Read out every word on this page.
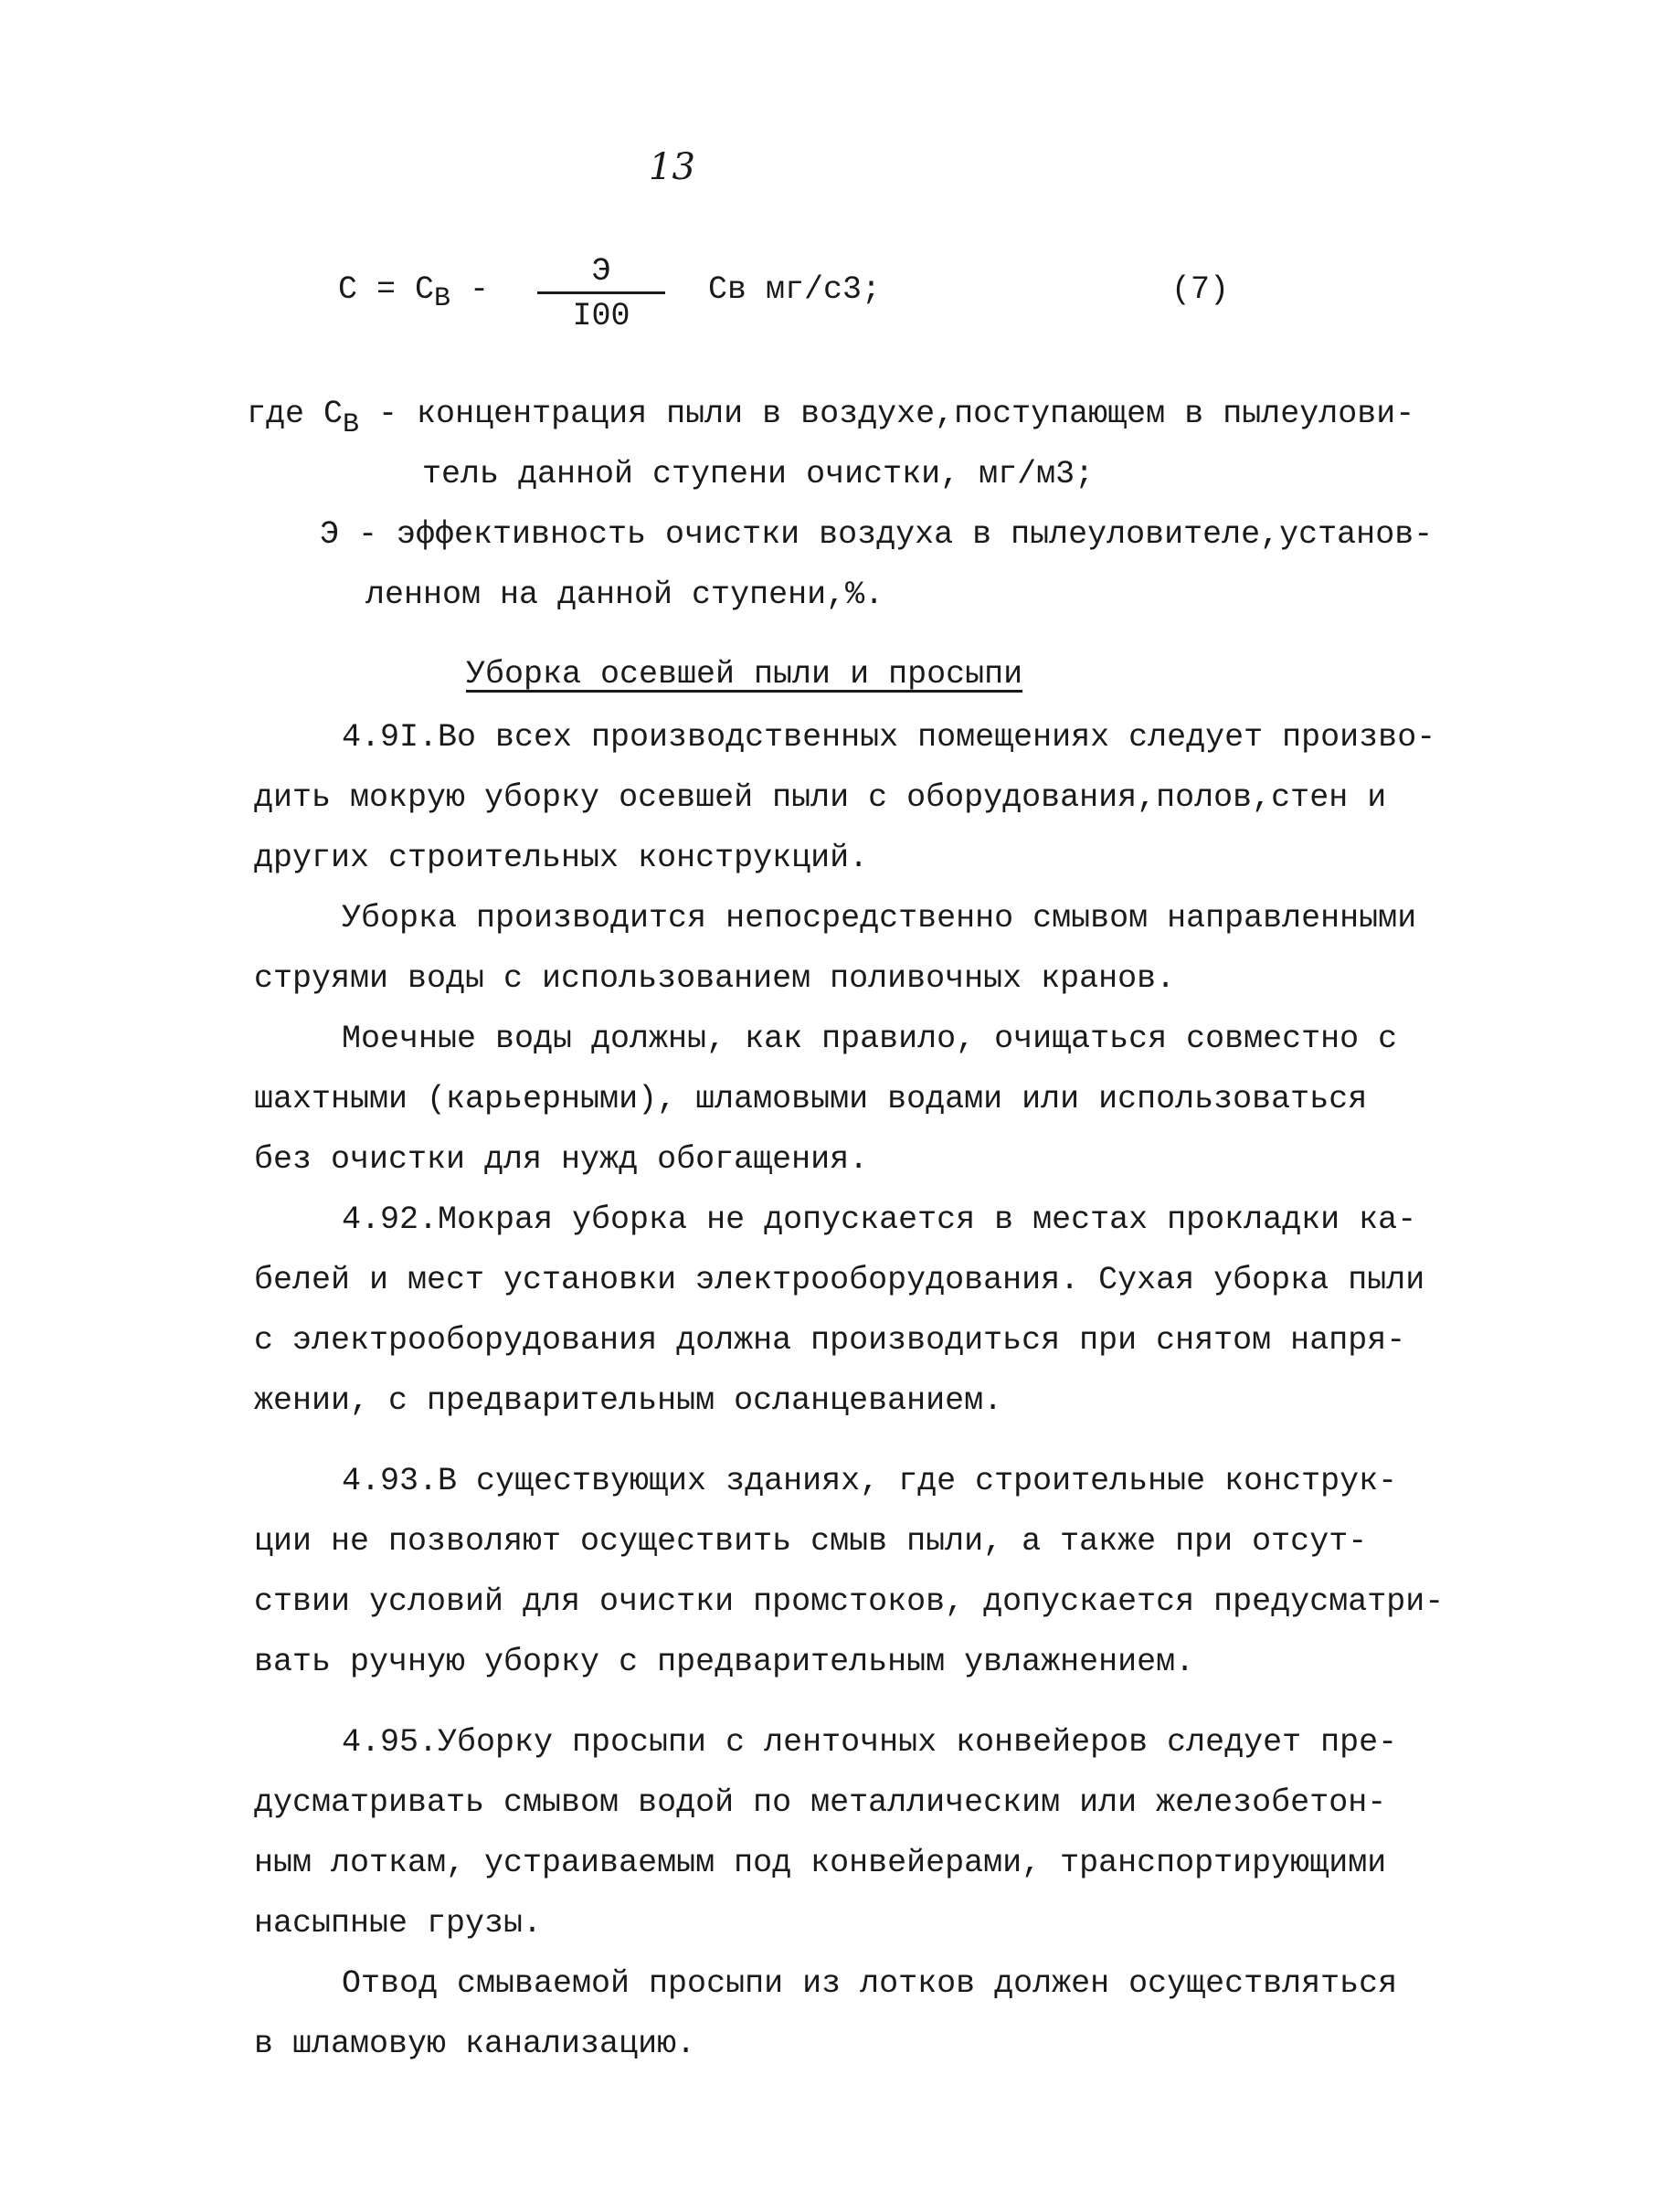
13
$С = С_В$ -	Э
I00
Св мг/с3;	(7)
где $С_В$ - концентрация пыли в воздухе,поступающем в пылеулови-
тель данной ступени очистки, мг/м3;
Э - эффективность очистки воздуха в пылеуловителе,установ-
ленном на данной ступени,%.
Уборка осевшей пыли и просыпи
4.9I.Во всех производственных помещениях следует произво-
дить мокрую уборку осевшей пыли с оборудования,полов,стен и
других строительных конструкций.
Уборка производится непосредственно смывом направленными
струями воды с использованием поливочных кранов.
Моечные воды должны, как правило, очищаться совместно с
шахтными (карьерными), шламовыми водами или использоваться
без очистки для нужд обогащения.
4.92.Мокрая уборка не допускается в местах прокладки ка-
белей и мест установки электрооборудования. Сухая уборка пыли
с электрооборудования должна производиться при снятом напря-
жении, с предварительным осланцеванием.
4.93.В существующих зданиях, где строительные конструк-
ции не позволяют осуществить смыв пыли, а также при отсут-
ствии условий для очистки промстоков, допускается предусматри-
вать ручную уборку с предварительным увлажнением.
4.95.Уборку просыпи с ленточных конвейеров следует пре-
дусматривать смывом водой по металлическим или железобетон-
ным лоткам, устраиваемым под конвейерами, транспортирующими
насыпные грузы.
Отвод смываемой просыпи из лотков должен осуществляться
в шламовую канализацию.
